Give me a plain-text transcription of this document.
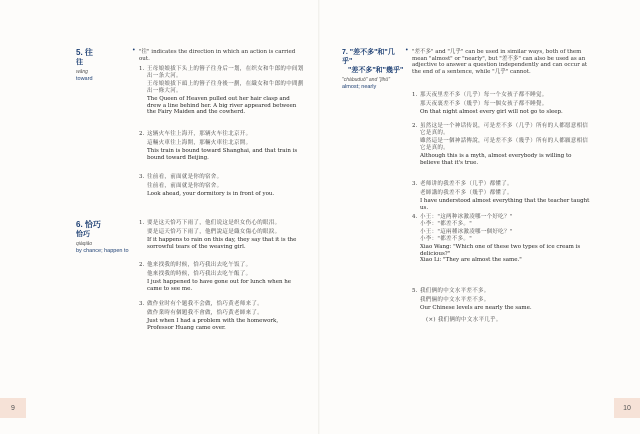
5. 往
往
wǎng
toward
• "往" indicates the direction in which an action is carried out.
1. 王母娘娘拔下头上的簪子往身后一划，在织女和牛郎的中间划出一条大河。
王母娘娘拔下頭上的簪子往身後一劃，在織女和牛郎的中間劃出一條大河。
The Queen of Heaven pulled out her hair clasp and drew a line behind her. A big river appeared between the Fairy Maiden and the cowherd.
2. 这辆火车往上海开，那辆火车往北京开。
這輛火車往上海開，那輛火車往北京開。
This train is bound toward Shanghai, and that train is bound toward Beijing.
3. 往前看，前面就是你的宿舍。
往前看，前面就是你的宿舍。
Look ahead, your dormitory is in front of you.
6. 恰巧
恰巧
qiàqiǎo
by chance; happen to
1. 要是这天恰巧下雨了，他们说这是织女伤心的眼泪。
要是這天恰巧下雨了，他們說這是織女傷心的眼淚。
If it happens to rain on this day, they say that it is the sorrowful tears of the weaving girl.
2. 他来找我的时候，恰巧我出去吃午饭了。
他來找我的時候，恰巧我出去吃午飯了。
I just happened to have gone out for lunch when he came to see me.
3. 做作业时有个题我不会做，恰巧黄老师来了。
做作業時有個題我不會做，恰巧黃老師來了。
Just when I had a problem with the homework, Professor Huang came over.
9
7. "差不多"和"几乎"
"差不多"和"幾乎"
"chàbuduō" and "jīhū"
almost; nearly
• "差不多" and "几乎" can be used in similar ways, both of them mean "almost" or "nearly", but "差不多" can also be used as an adjective to answer a question independently and can occur at the end of a sentence, while "几乎" cannot.
1. 那天夜里差不多（几乎）每一个女孩子都不睡觉。
那天夜裏差不多（幾乎）每一個女孩子都不睡覺。
On that night almost every girl will not go to sleep.
2. 虽然这是一个神话传说，可是差不多（几乎）所有的人都愿意相信它是真的。
雖然這是一個神話傳說，可是差不多（幾乎）所有的人都願意相信它是真的。
Although this is a myth, almost everybody is willing to believe that it's true.
3. 老师讲的我差不多（几乎）都懂了。
老師講的我差不多（幾乎）都懂了。
I have understood almost everything that the teacher taught us.
4. 小王："这两种冰激凌哪一个好吃？"
小李："都差不多。"
小王："這兩種冰激凌哪一個好吃？"
小李："都差不多。"
Xiao Wang: "Which one of these two types of ice cream is delicious?"
Xiao Li: "They are almost the same."
5. 我们俩的中文水平差不多。
我們倆的中文水平差不多。
Our Chinese levels are nearly the same.
(×) 我们俩的中文水平几乎。
10
